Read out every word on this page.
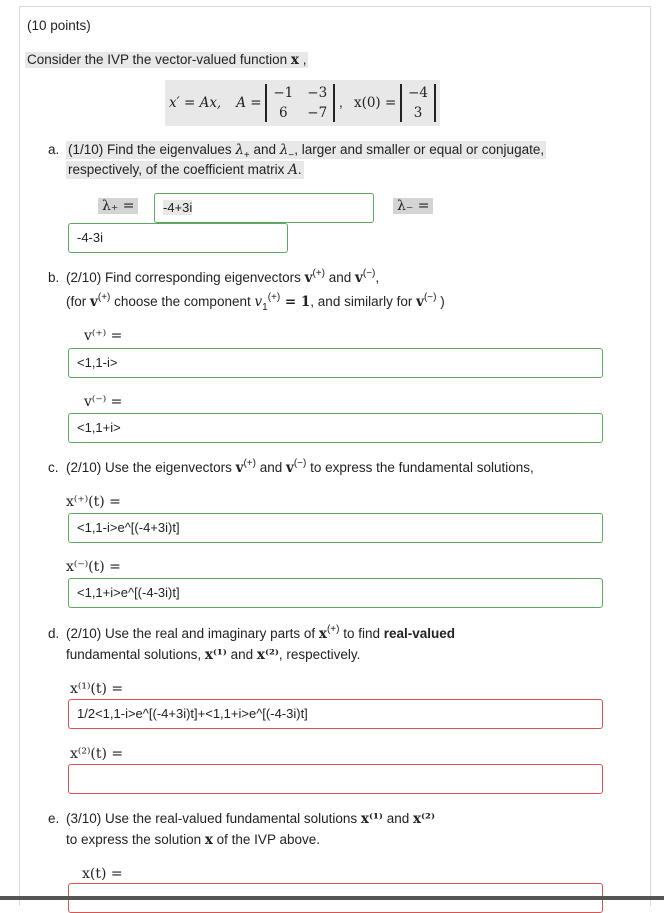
(10 points)
Consider the IVP the vector-valued function x ,
x′ = Ax, A =
−1 −3
6	−7
,   x(0) =
−4
3
a. (1/10) Find the eigenvalues $\lambda_+$ and $\lambda_-$, larger and smaller or equal or conjugate,
respectively, of the coefficient matrix A.
λ₊ =	-4+3i	λ₋ =
-4-3i
b. (2/10) Find corresponding eigenvectors v(+) and v(−),
(for v(+) choose the component $v_1^{(+)} = 1$, and similarly for v(−) )
v⁽⁺⁾ =
<1,1-i>
v⁽⁻⁾ =
<1,1+i>
c. (2/10) Use the eigenvectors v(+) and v(−) to express the fundamental solutions,
x⁽⁺⁾(t) =
<1,1-i>e^[(-4+3i)t]
x⁽⁻⁾(t) =
<1,1+i>e^[(-4-3i)t]
d. (2/10) Use the real and imaginary parts of x(+) to find real-valued
fundamental solutions, x⁽¹⁾ and x⁽²⁾, respectively.
x⁽¹⁾(t) =
1/2<1,1-i>e^[(-4+3i)t]+<1,1+i>e^[(-4-3i)t]
x⁽²⁾(t) =
e. (3/10) Use the real-valued fundamental solutions x⁽¹⁾ and x⁽²⁾
to express the solution x of the IVP above.
x(t) =
